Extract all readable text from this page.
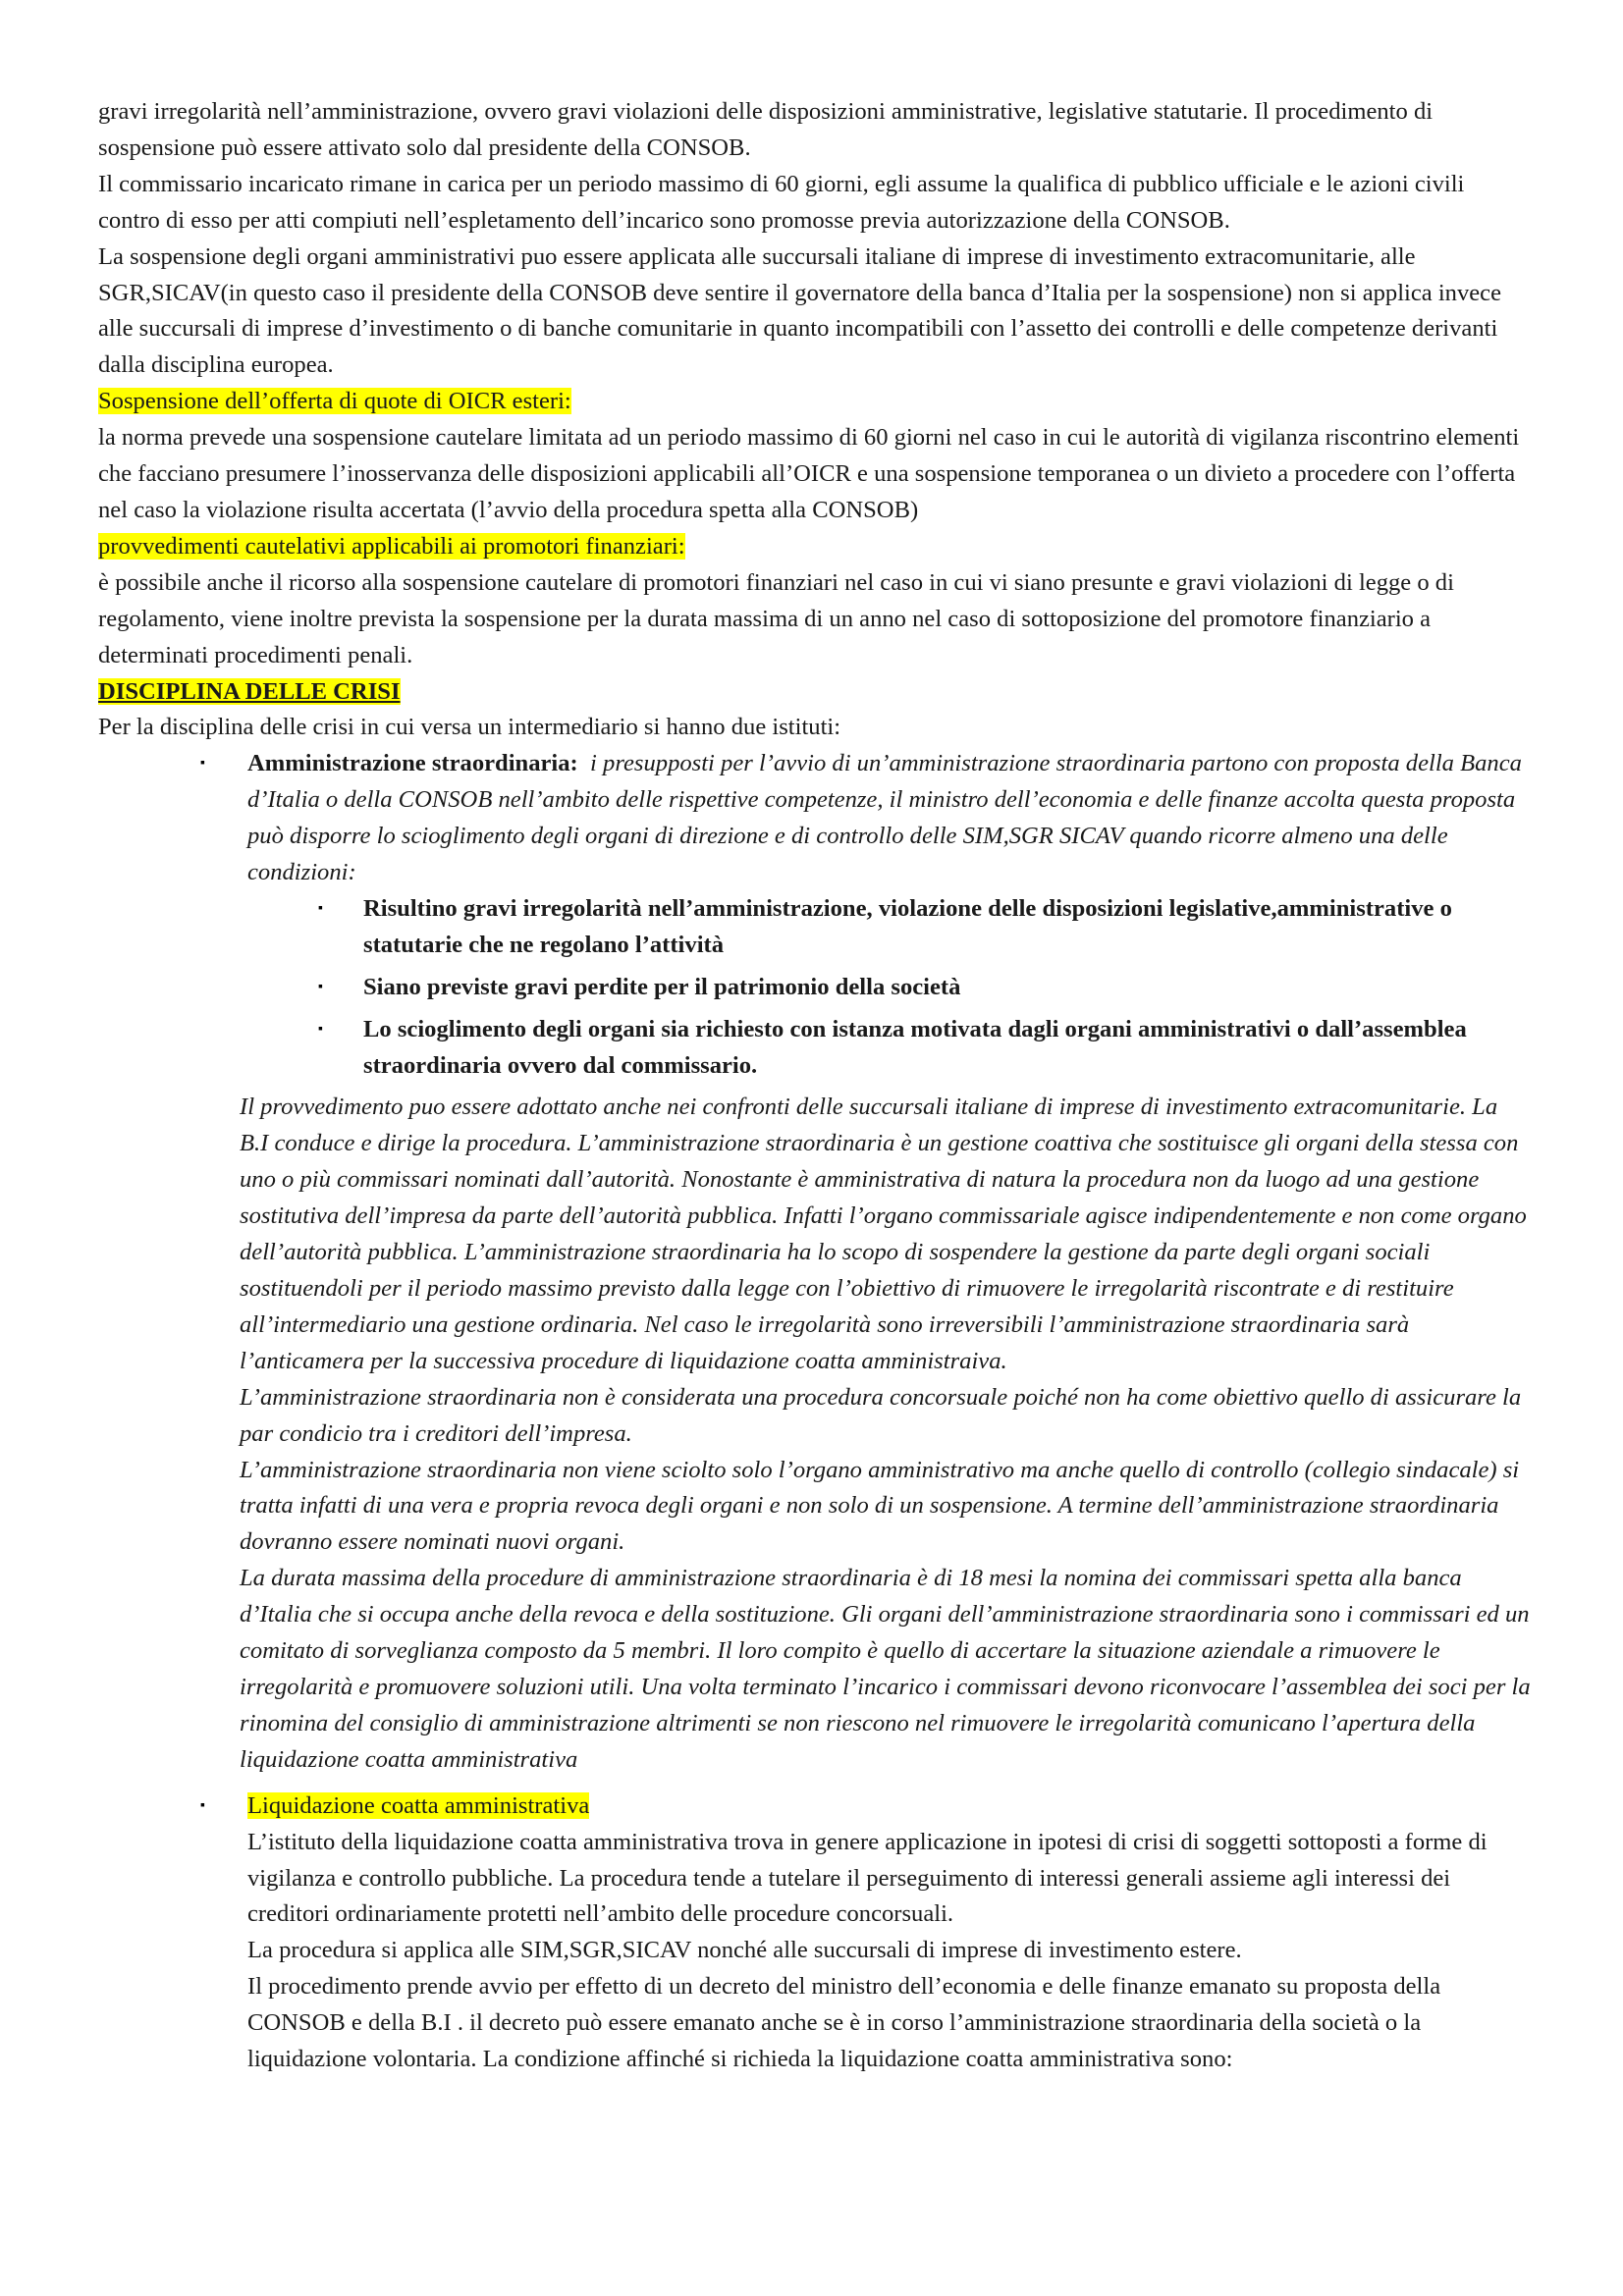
gravi irregolarità nell’amministrazione, ovvero gravi violazioni delle disposizioni amministrative, legislative statutarie. Il procedimento di sospensione può essere attivato solo dal presidente della CONSOB.

Il commissario incaricato rimane in carica per un periodo massimo di 60 giorni, egli assume la qualifica di pubblico ufficiale e le azioni civili contro di esso per atti compiuti nell’espletamento dell’incarico sono promosse previa autorizzazione della CONSOB.

La sospensione degli organi amministrativi puo essere applicata alle succursali italiane di imprese di investimento extracomunitarie, alle SGR,SICAV(in questo caso il presidente della CONSOB deve sentire il governatore della banca d’Italia per la sospensione) non si applica invece alle succursali di imprese d’investimento o di banche comunitarie in quanto incompatibili con l’assetto dei controlli e delle competenze derivanti dalla disciplina europea.

Sospensione dell’offerta di quote di OICR esteri:

la norma prevede una sospensione cautelare limitata ad un periodo massimo di 60 giorni nel caso in cui le autorità di vigilanza riscontrino elementi che facciano presumere l’inosservanza delle disposizioni applicabili all’OICR e una sospensione temporanea o un divieto a procedere con l’offerta nel caso la violazione risulta accertata (l’avvio della procedura spetta alla CONSOB)

provvedimenti cautelativi applicabili ai promotori finanziari:

è possibile anche il ricorso alla sospensione cautelare di promotori finanziari nel caso in cui vi siano presunte e gravi violazioni di legge o di regolamento, viene inoltre prevista la sospensione per la durata massima di un anno nel caso di sottoposizione del promotore finanziario a determinati procedimenti penali.

DISCIPLINA DELLE CRISI

Per la disciplina delle crisi in cui versa un intermediario si hanno due istituti:

▪ Amministrazione straordinaria: i presupposti per l’avvio di un’amministrazione straordinaria partono con proposta della Banca d’Italia o della CONSOB nell’ambito delle rispettive competenze, il ministro dell’economia e delle finanze accolta questa proposta può disporre lo scioglimento degli organi di direzione e di controllo delle SIM,SGR SICAV quando ricorre almeno una delle condizioni:

▪ Risultino gravi irregolarità nell’amministrazione, violazione delle disposizioni legislative,amministrative o statutarie che ne regolano l’attività
▪ Siano previste gravi perdite per il patrimonio della società
▪ Lo scioglimento degli organi sia richiesto con istanza motivata dagli organi amministrativi o dall’assemblea straordinaria ovvero dal commissario.

Il provvedimento puo essere adottato anche nei confronti delle succursali italiane di imprese di investimento extracomunitarie. La B.I conduce e dirige la procedura. L’amministrazione straordinaria è un gestione coattiva che sostituisce gli organi della stessa con uno o più commissari nominati dall’autorità. Nonostante è amministrativa di natura la procedura non da luogo ad una gestione sostitutiva dell’impresa da parte dell’autorità pubblica. Infatti l’organo commissariale agisce indipendentemente e non come organo dell’autorità pubblica. L’amministrazione straordinaria ha lo scopo di sospendere la gestione da parte degli organi sociali sostituendoli per il periodo massimo previsto dalla legge con l’obiettivo di rimuovere le irregolarità riscontrate e di restituire all’intermediario una gestione ordinaria. Nel caso le irregolarità sono irreversibili l’amministrazione straordinaria sarà l’anticamera per la successiva procedure di liquidazione coatta amministraiva.

L’amministrazione straordinaria non è considerata una procedura concorsuale poiché non ha come obiettivo quello di assicurare la par condicio tra i creditori dell’impresa.

L’amministrazione straordinaria non viene sciolto solo l’organo amministrativo ma anche quello di controllo (collegio sindacale) si tratta infatti di una vera e propria revoca degli organi e non solo di un sospensione. A termine dell’amministrazione straordinaria dovranno essere nominati nuovi organi.

La durata massima della procedure di amministrazione straordinaria è di 18 mesi la nomina dei commissari spetta alla banca d’Italia che si occupa anche della revoca e della sostituzione. Gli organi dell’amministrazione straordinaria sono i commissari ed un comitato di sorveglianza composto da 5 membri. Il loro compito è quello di accertare la situazione aziendale a rimuovere le irregolarità e promuovere soluzioni utili. Una volta terminato l’incarico i commissari devono riconvocare l’assemblea dei soci per la rinomina del consiglio di amministrazione altrimenti se non riescono nel rimuovere le irregolarità comunicano l’apertura della liquidazione coatta amministrativa

▪ Liquidazione coatta amministrativa

L’istituto della liquidazione coatta amministrativa trova in genere applicazione in ipotesi di crisi di soggetti sottoposti a forme di vigilanza e controllo pubbliche. La procedura tende a tutelare il perseguimento di interessi generali assieme agli interessi dei creditori ordinariamente protetti nell’ambito delle procedure concorsuali.

La procedura si applica alle SIM,SGR,SICAV nonché alle succursali di imprese di investimento estere.

Il procedimento prende avvio per effetto di un decreto del ministro dell’economia e delle finanze emanato su proposta della CONSOB e della B.I . il decreto può essere emanato anche se è in corso l’amministrazione straordinaria della società o la liquidazione volontaria. La condizione affinché si richieda la liquidazione coatta amministrativa sono:
